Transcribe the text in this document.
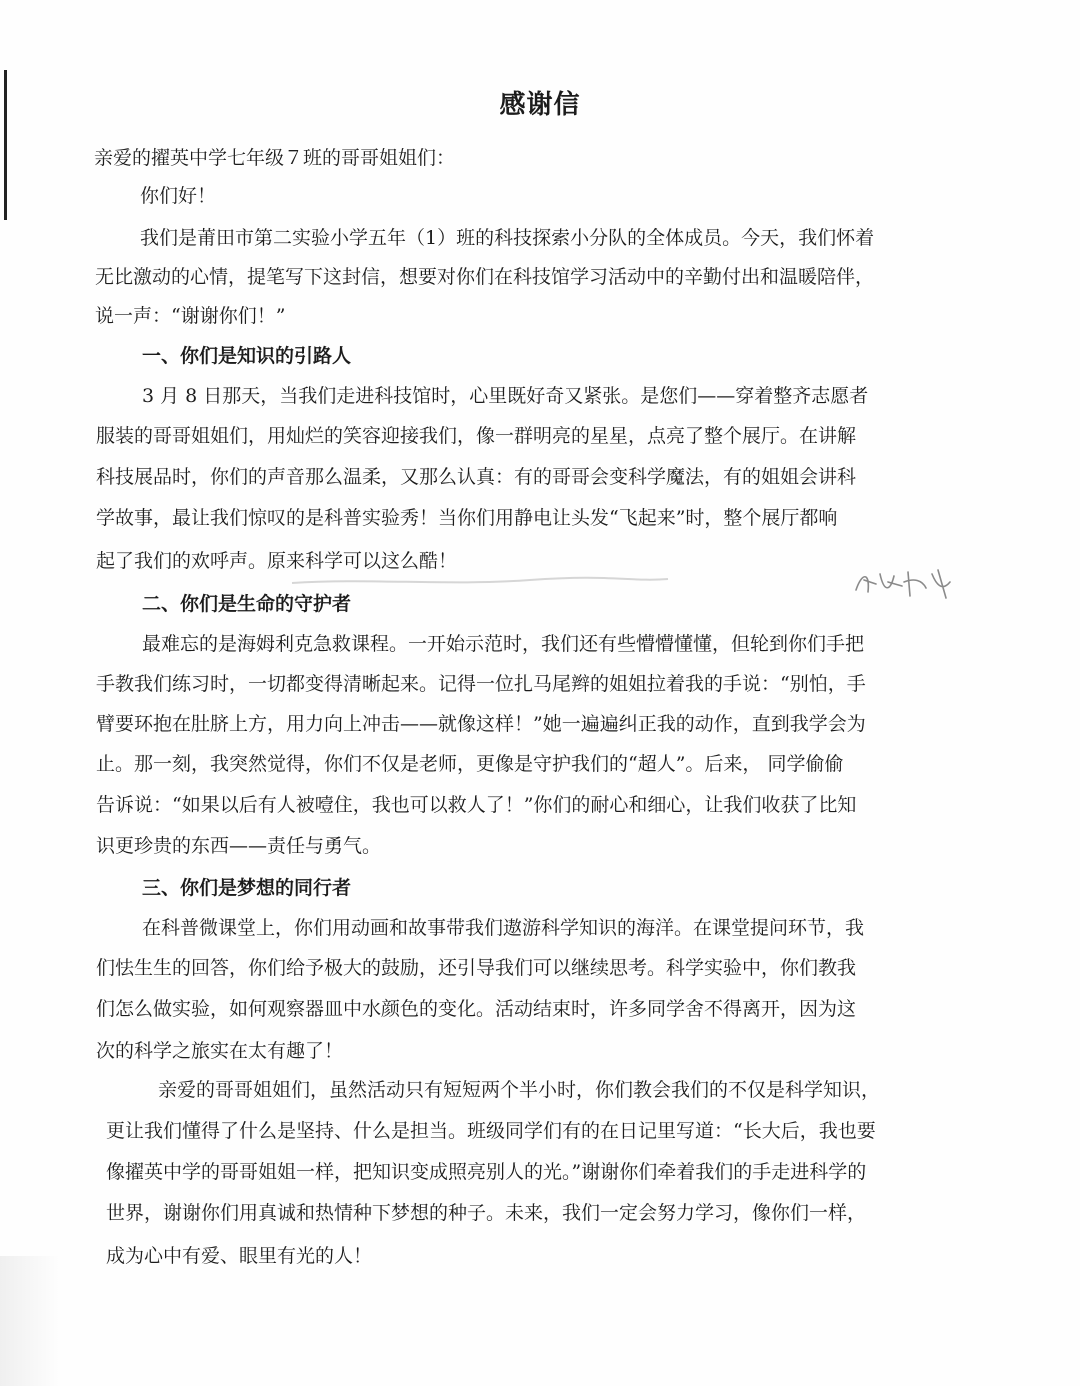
感谢信

亲爱的擢英中学七年级７班的哥哥姐姐们：

你们好！

我们是莆田市第二实验小学五年（1）班的科技探索小分队的全体成员。今天，我们怀着

无比激动的心情，提笔写下这封信，想要对你们在科技馆学习活动中的辛勤付出和温暖陪伴，

说一声：“谢谢你们！”

一、你们是知识的引路人

3 月 8 日那天，当我们走进科技馆时，心里既好奇又紧张。是您们——穿着整齐志愿者

服装的哥哥姐姐们，用灿烂的笑容迎接我们，像一群明亮的星星，点亮了整个展厅。在讲解

科技展品时，你们的声音那么温柔，又那么认真：有的哥哥会变科学魔法，有的姐姐会讲科

学故事，最让我们惊叹的是科普实验秀！当你们用静电让头发“飞起来”时，整个展厅都响

起了我们的欢呼声。原来科学可以这么酷！

二、你们是生命的守护者

最难忘的是海姆利克急救课程。一开始示范时，我们还有些懵懵懂懂，但轮到你们手把

手教我们练习时，一切都变得清晰起来。记得一位扎马尾辫的姐姐拉着我的手说：“别怕，手

臂要环抱在肚脐上方，用力向上冲击——就像这样！”她一遍遍纠正我的动作，直到我学会为

止。那一刻，我突然觉得，你们不仅是老师，更像是守护我们的“超人”。后来， 同学偷偷

告诉说：“如果以后有人被噎住，我也可以救人了！”你们的耐心和细心，让我们收获了比知

识更珍贵的东西——责任与勇气。

三、你们是梦想的同行者

在科普微课堂上，你们用动画和故事带我们遨游科学知识的海洋。在课堂提问环节，我

们怯生生的回答，你们给予极大的鼓励，还引导我们可以继续思考。科学实验中，你们教我

们怎么做实验，如何观察器皿中水颜色的变化。活动结束时，许多同学舍不得离开，因为这

次的科学之旅实在太有趣了！

亲爱的哥哥姐姐们，虽然活动只有短短两个半小时，你们教会我们的不仅是科学知识，

更让我们懂得了什么是坚持、什么是担当。班级同学们有的在日记里写道：“长大后，我也要

像擢英中学的哥哥姐姐一样，把知识变成照亮别人的光。”谢谢你们牵着我们的手走进科学的

世界，谢谢你们用真诚和热情种下梦想的种子。未来，我们一定会努力学习，像你们一样，

成为心中有爱、眼里有光的人！
